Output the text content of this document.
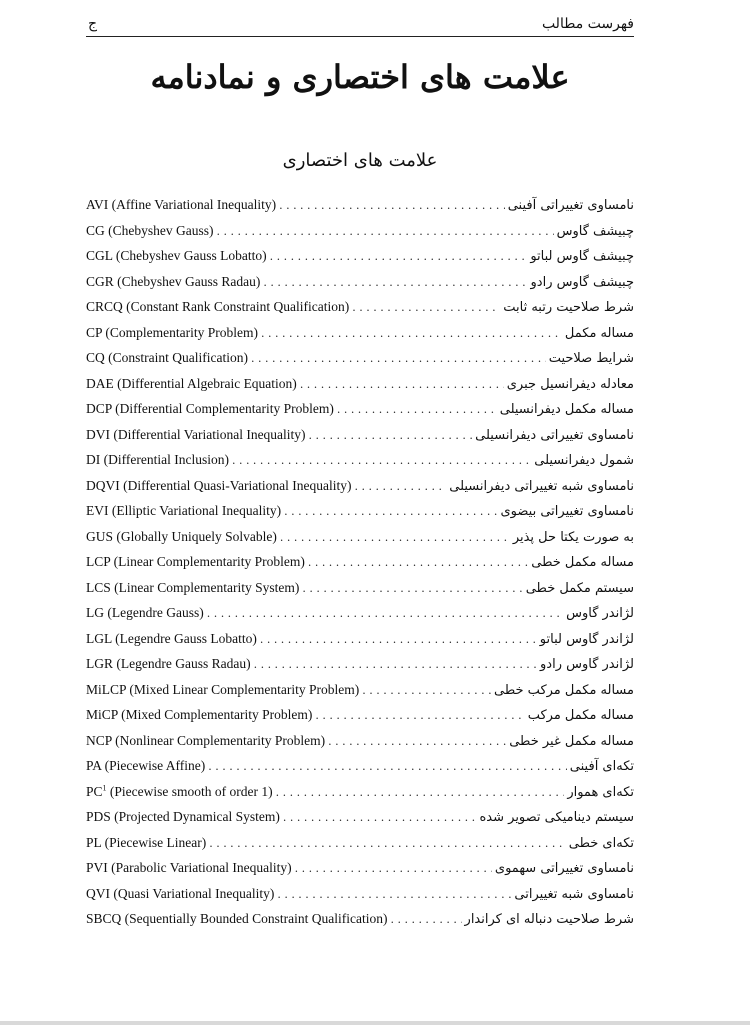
فهرست مطالب
ج
علامت های اختصاری و نمادنامه
علامت های اختصاری
AVI (Affine Variational Inequality) . . .	نامساوی تغییراتی آفینی
CG (Chebyshev Gauss) . . .	چبیشف گاوس
CGL (Chebyshev Gauss Lobatto) . . .	چبیشف گاوس لباتو
CGR (Chebyshev Gauss Radau) . . .	چبیشف گاوس رادو
CRCQ (Constant Rank Constraint Qualification) . . .	شرط صلاحیت رتبه ثابت
CP (Complementarity Problem) . . .	مساله مکمل
CQ (Constraint Qualification) . . .	شرایط صلاحیت
DAE (Differential Algebraic Equation) . . .	معادله دیفرانسیل جبری
DCP (Differential Complementarity Problem) . . .	مساله مکمل دیفرانسیلی
DVI (Differential Variational Inequality) . . .	نامساوی تغییراتی دیفرانسیلی
DI (Differential Inclusion) . . .	شمول دیفرانسیلی
DQVI (Differential Quasi-Variational Inequality) . . .	نامساوی شبه تغییراتی دیفرانسیلی
EVI (Elliptic Variational Inequality) . . .	نامساوی تغییراتی بیضوی
GUS (Globally Uniquely Solvable) . . .	به صورت یکتا حل پذیر
LCP (Linear Complementarity Problem) . . .	مساله مکمل خطی
LCS (Linear Complementarity System) . . .	سیستم مکمل خطی
LG (Legendre Gauss) . . .	لژاندر گاوس
LGL (Legendre Gauss Lobatto) . . .	لژاندر گاوس لباتو
LGR (Legendre Gauss Radau) . . .	لژاندر گاوس رادو
MiLCP (Mixed Linear Complementarity Problem) . . .	مساله مکمل مرکب خطی
MiCP (Mixed Complementarity Problem) . . .	مساله مکمل مرکب
NCP (Nonlinear Complementarity Problem) . . .	مساله مکمل غیر خطی
PA (Piecewise Affine) . . .	تکه‌ای آفینی
$PC^1$ (Piecewise smooth of order 1) . . .	تکه‌ای هموار
PDS (Projected Dynamical System) . . .	سیستم دینامیکی تصویر شده
PL (Piecewise Linear) . . .	تکه‌ای خطی
PVI (Parabolic Variational Inequality) . . .	نامساوی تغییراتی سهموی
QVI (Quasi Variational Inequality) . . .	نامساوی شبه تغییراتی
SBCQ (Sequentially Bounded Constraint Qualification) . . .	شرط صلاحیت دنباله ای کراندار
